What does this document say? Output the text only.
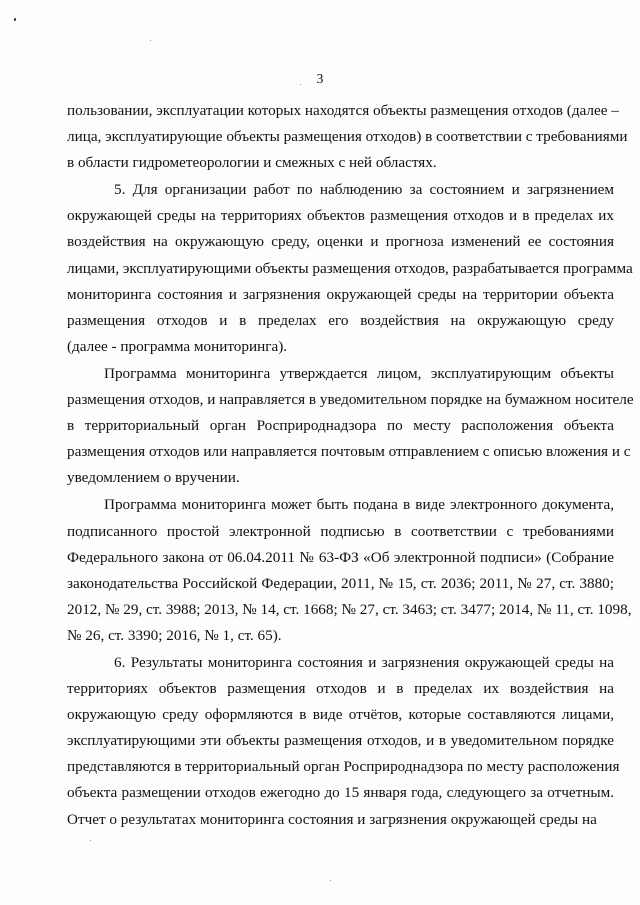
3

пользовании, эксплуатации которых находятся объекты размещения отходов (далее –
лица, эксплуатирующие объекты размещения отходов) в соответствии с требованиями
в области гидрометеорологии и смежных с ней областях.

5. Для организации работ по наблюдению за состоянием и загрязнением
окружающей среды на территориях объектов размещения отходов и в пределах их
воздействия на окружающую среду, оценки и прогноза изменений ее состояния
лицами, эксплуатирующими объекты размещения отходов, разрабатывается программа
мониторинга состояния и загрязнения окружающей среды на территории объекта
размещения отходов и в пределах его воздействия на окружающую среду
(далее - программа мониторинга).

Программа мониторинга утверждается лицом, эксплуатирующим объекты
размещения отходов, и направляется в уведомительном порядке на бумажном носителе
в территориальный орган Росприроднадзора по месту расположения объекта
размещения отходов или направляется почтовым отправлением с описью вложения и с
уведомлением о вручении.

Программа мониторинга может быть подана в виде электронного документа,
подписанного простой электронной подписью в соответствии с требованиями
Федерального закона от 06.04.2011 № 63-ФЗ «Об электронной подписи» (Собрание
законодательства Российской Федерации, 2011, № 15, ст. 2036; 2011, № 27, ст. 3880;
2012, № 29, ст. 3988; 2013, № 14, ст. 1668; № 27, ст. 3463; ст. 3477; 2014, № 11, ст. 1098,
№ 26, ст. 3390; 2016, № 1, ст. 65).

6. Результаты мониторинга состояния и загрязнения окружающей среды на
территориях объектов размещения отходов и в пределах их воздействия на
окружающую среду оформляются в виде отчётов, которые составляются лицами,
эксплуатирующими эти объекты размещения отходов, и в уведомительном порядке
представляются в территориальный орган Росприроднадзора по месту расположения
объекта размещении отходов ежегодно до 15 января года, следующего за отчетным.
Отчет о результатах мониторинга состояния и загрязнения окружающей среды на
